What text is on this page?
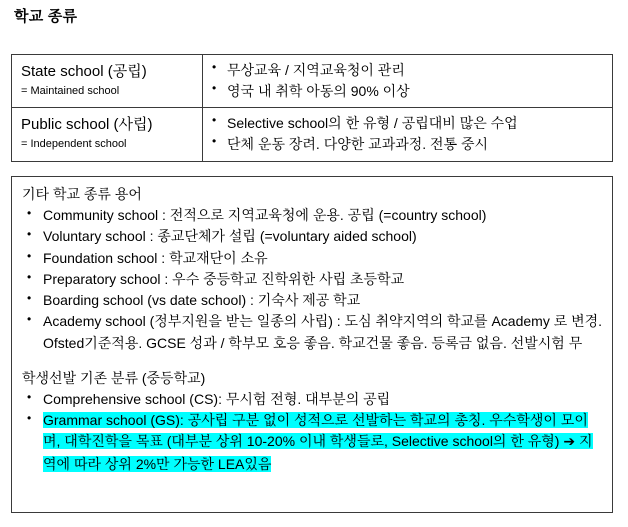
학교 종류
State school (공립)
= Maintained school

• 무상교육 / 지역교육청이 관리
• 영국 내 취학 아동의 90% 이상

Public school (사립)
= Independent school

• Selective school의 한 유형 / 공립대비 많은 수업
• 단체 운동 장려. 다양한 교과과정. 전통 중시

기타 학교 종류 용어

• Community school : 전적으로 지역교육청에 운용. 공립 (=country school)
• Voluntary school : 종교단체가 설립 (=voluntary aided school)
• Foundation school : 학교재단이 소유
• Preparatory school : 우수 중등학교 진학위한 사립 초등학교
• Boarding school (vs date school) : 기숙사 제공 학교
• Academy school (정부지원을 받는 일종의 사립) : 도심 취약지역의 학교를 Academy 로 변경. Ofsted기준적용. GCSE 성과 / 학부모 호응 좋음. 학교건물 좋음. 등록금 없음. 선발시험 무

학생선발 기존 분류 (중등학교)

• Comprehensive school (CS): 무시험 전형. 대부분의 공립
• Grammar school (GS): 공사립 구분 없이 성적으로 선발하는 학교의 총칭. 우수학생이 모이며, 대학진학을 목표 (대부분 상위 10-20% 이내 학생들로, Selective school의 한 유형) ➔ 지역에 따라 상위 2%만 가능한 LEA있음
